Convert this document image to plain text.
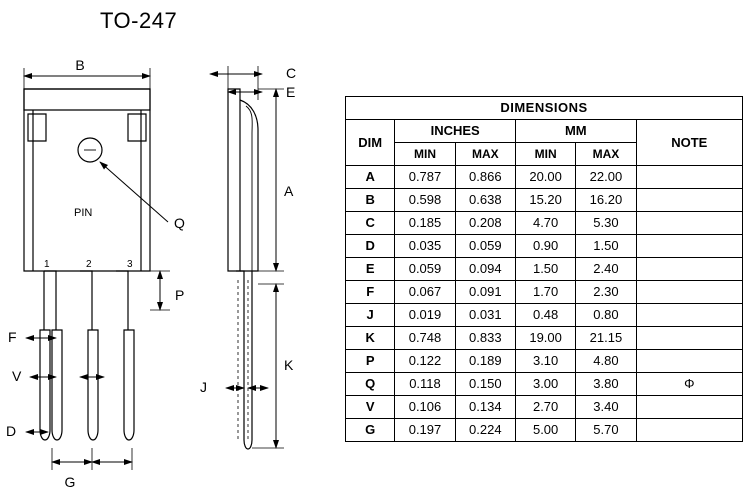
TO-247
1	2	3
B
PIN
Q
P
F
V
D
G
C
E
A
K
J
DIMENSIONS					
DIM	INCHES		MM		NOTE
	MIN	MAX	MIN	MAX	
A	0.787	0.866	20.00	22.00	
B	0.598	0.638	15.20	16.20	
C	0.185	0.208	4.70	5.30	
D	0.035	0.059	0.90	1.50	
E	0.059	0.094	1.50	2.40	
F	0.067	0.091	1.70	2.30	
J	0.019	0.031	0.48	0.80	
K	0.748	0.833	19.00	21.15	
P	0.122	0.189	3.10	4.80	
Q	0.118	0.150	3.00	3.80	Φ
V	0.106	0.134	2.70	3.40	
G	0.197	0.224	5.00	5.70	
